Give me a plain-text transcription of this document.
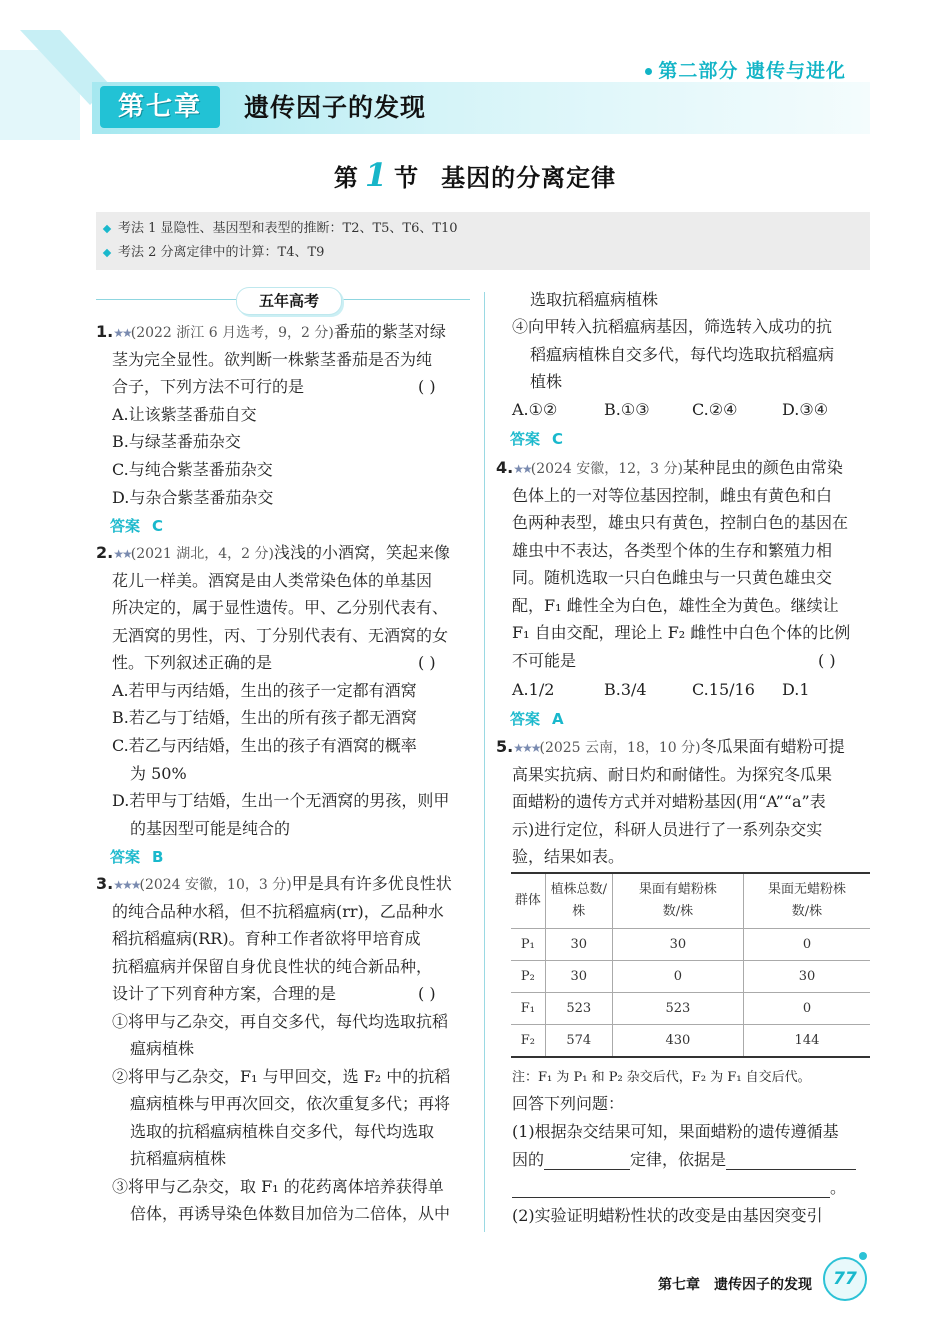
第二部分 遗传与进化
第七章	遗传因子的发现
第 1 节 基因的分离定律
考法 1 显隐性、基因型和表型的推断：T2、T5、T6、T10
考法 2 分离定律中的计算：T4、T9
五年高考
1.★★(2022 浙江 6 月选考，9，2 分)番茄的紫茎对绿
茎为完全显性。欲判断一株紫茎番茄是否为纯
合子，下列方法不可行的是	( )
A.让该紫茎番茄自交
B.与绿茎番茄杂交
C.与纯合紫茎番茄杂交
D.与杂合紫茎番茄杂交
答案 C
2.★★(2021 湖北，4，2 分)浅浅的小酒窝，笑起来像
花儿一样美。酒窝是由人类常染色体的单基因
所决定的，属于显性遗传。甲、乙分别代表有、
无酒窝的男性，丙、丁分别代表有、无酒窝的女
性。下列叙述正确的是	( )
A.若甲与丙结婚，生出的孩子一定都有酒窝
B.若乙与丁结婚，生出的所有孩子都无酒窝
C.若乙与丙结婚，生出的孩子有酒窝的概率
为 50%
D.若甲与丁结婚，生出一个无酒窝的男孩，则甲
的基因型可能是纯合的
答案 B
3.★★★(2024 安徽，10，3 分)甲是具有许多优良性状
的纯合品种水稻，但不抗稻瘟病(rr)，乙品种水
稻抗稻瘟病(RR)。育种工作者欲将甲培育成
抗稻瘟病并保留自身优良性状的纯合新品种，
设计了下列育种方案，合理的是	( )
①将甲与乙杂交，再自交多代，每代均选取抗稻
瘟病植株
②将甲与乙杂交，F₁ 与甲回交，选 F₂ 中的抗稻
瘟病植株与甲再次回交，依次重复多代；再将
选取的抗稻瘟病植株自交多代，每代均选取
抗稻瘟病植株
③将甲与乙杂交，取 F₁ 的花药离体培养获得单
倍体，再诱导染色体数目加倍为二倍体，从中
选取抗稻瘟病植株
④向甲转入抗稻瘟病基因，筛选转入成功的抗
稻瘟病植株自交多代，每代均选取抗稻瘟病
植株
A.①②	B.①③	C.②④	D.③④
答案 C
4.★★(2024 安徽，12，3 分)某种昆虫的颜色由常染
色体上的一对等位基因控制，雌虫有黄色和白
色两种表型，雄虫只有黄色，控制白色的基因在
雄虫中不表达，各类型个体的生存和繁殖力相
同。随机选取一只白色雌虫与一只黄色雄虫交
配，F₁ 雌性全为白色，雄性全为黄色。继续让
F₁ 自由交配，理论上 F₂ 雌性中白色个体的比例
不可能是	( )
A.1/2	B.3/4	C.15/16 D.1
答案 A
5.★★★(2025 云南，18，10 分)冬瓜果面有蜡粉可提
高果实抗病、耐日灼和耐储性。为探究冬瓜果
面蜡粉的遗传方式并对蜡粉基因(用“A”“a”表
示)进行定位，科研人员进行了一系列杂交实
验，结果如表。
群体	植株总数/株	果面有蜡粉株数/株	果面无蜡粉株数/株
P₁	30	30	0
P₂	30	0	30
F₁	523	523	0
F₂	574	430	144
注：F₁ 为 P₁ 和 P₂ 杂交后代，F₂ 为 F₁ 自交后代。
回答下列问题：
(1)根据杂交结果可知，果面蜡粉的遗传遵循基
因的	定律，依据是
。
(2)实验证明蜡粉性状的改变是由基因突变引
第七章 遗传因子的发现	77
